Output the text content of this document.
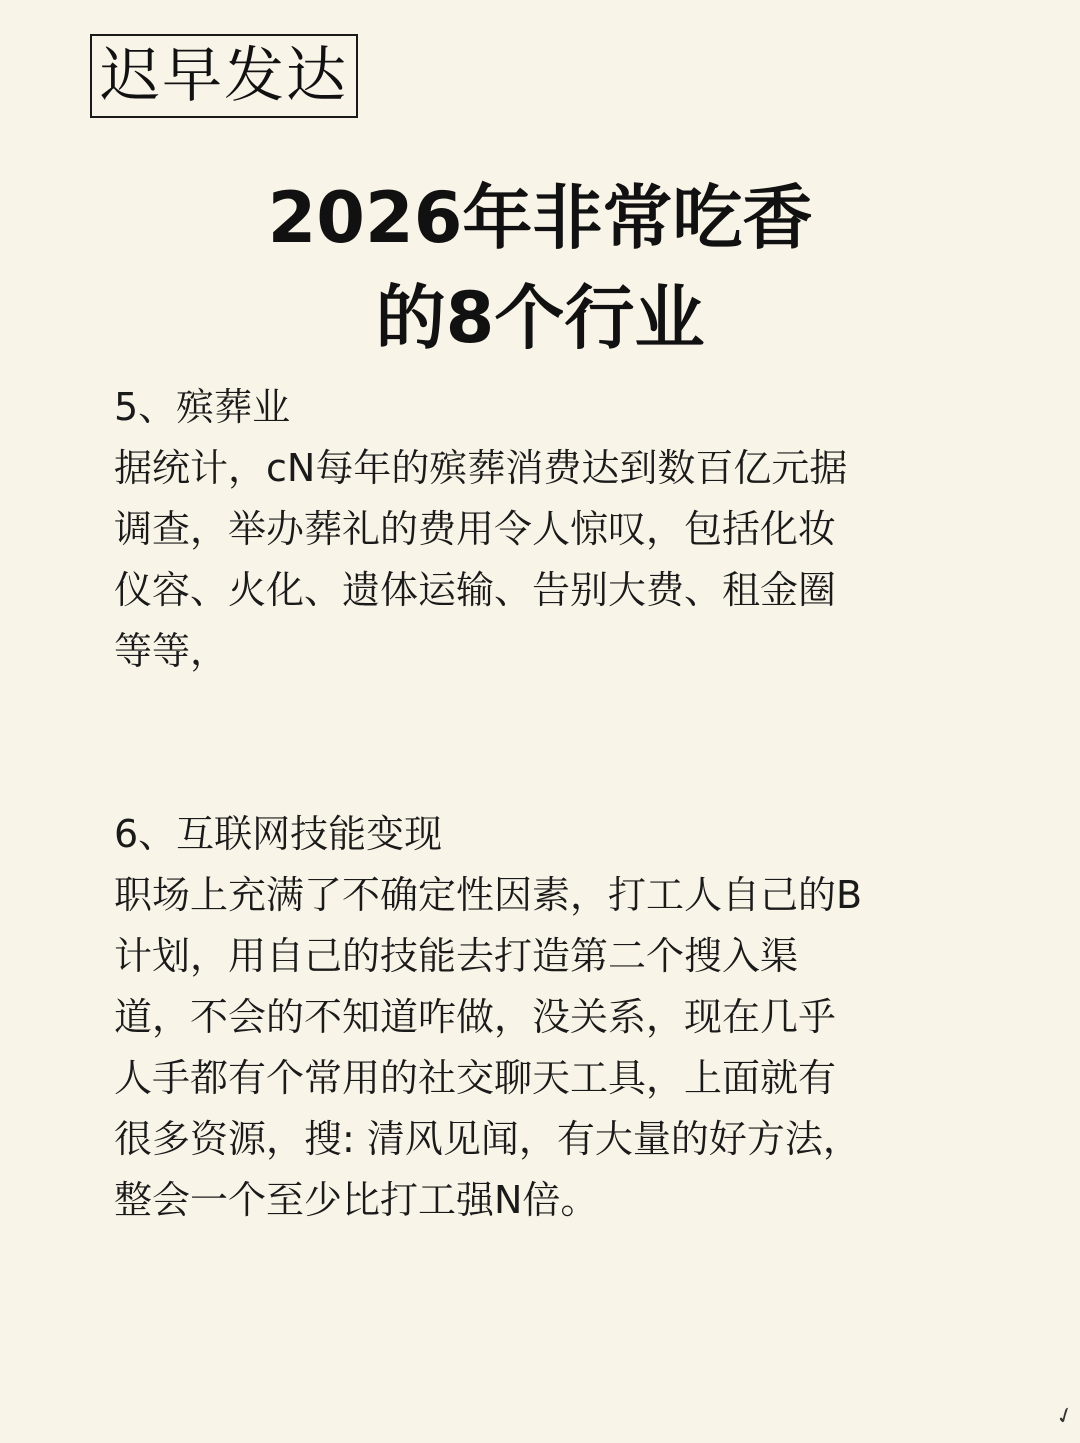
迟早发达
2026年非常吃香
的8个行业
5、殡葬业
据统计，cN每年的殡葬消费达到数百亿元据
调查，举办葬礼的费用令人惊叹，包括化妆
仪容、火化、遗体运输、告别大费、租金圈
等等，
6、互联网技能变现
职场上充满了不确定性因素，打工人自己的B
计划，用自己的技能去打造第二个搜入渠
道，不会的不知道咋做，没关系，现在几乎
人手都有个常用的社交聊天工具，上面就有
很多资源，搜: 清风见闻，有大量的好方法，
整会一个至少比打工强N倍。
✓
